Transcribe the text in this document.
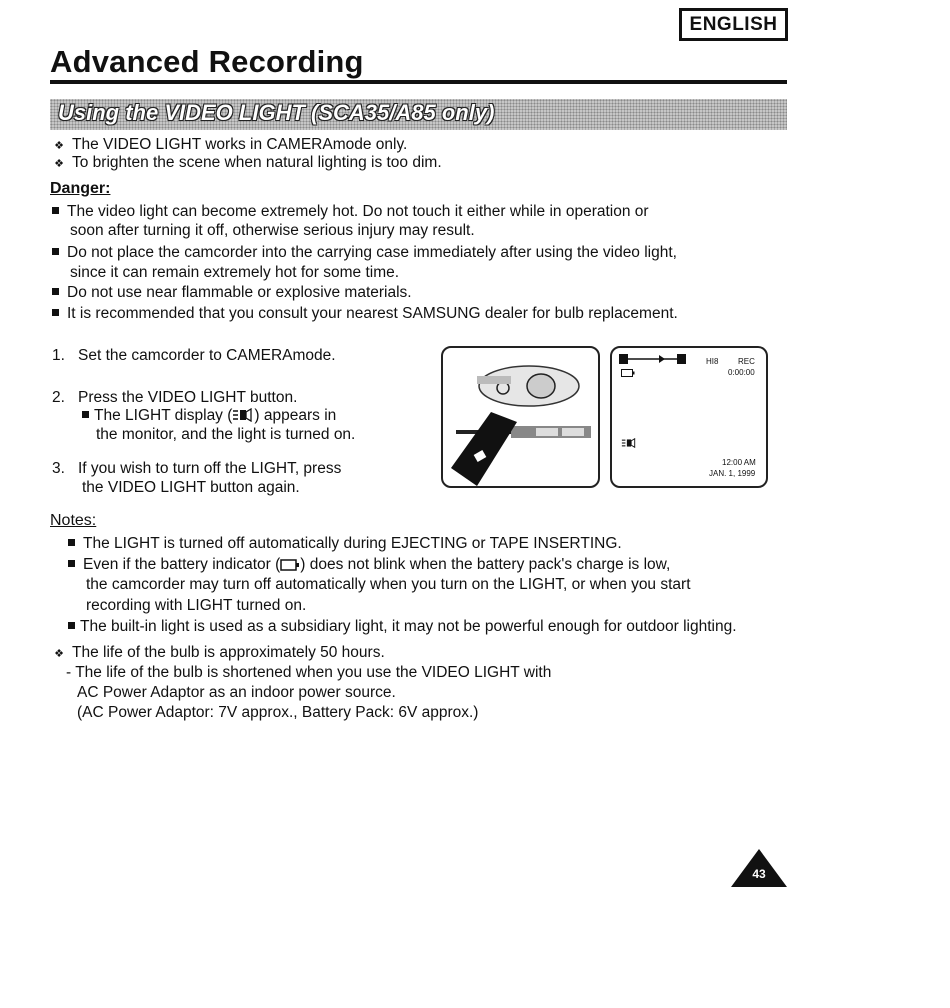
ENGLISH
Advanced Recording
Using the VIDEO LIGHT (SCA35/A85 only)
❖ The VIDEO LIGHT works in CAMERAmode only.
❖ To brighten the scene when natural lighting is too dim.
Danger:
The video light can become extremely hot. Do not touch it either while in operation or
soon after turning it off, otherwise serious injury may result.
Do not place the camcorder into the carrying case immediately after using the video light,
since it can remain extremely hot for some time.
Do not use near flammable or explosive materials.
It is recommended that you consult your nearest SAMSUNG dealer for bulb replacement.
1. Set the camcorder to CAMERAmode.
2. Press the VIDEO LIGHT button.
The LIGHT display ( ) appears in
the monitor, and the light is turned on.
3. If you wish to turn off the LIGHT, press
the VIDEO LIGHT button again.
HI8 REC
0:00:00
12:00 AM
JAN. 1, 1999
Notes:
The LIGHT is turned off automatically during EJECTING or TAPE INSERTING.
Even if the battery indicator ( ) does not blink when the battery pack's charge is low,
the camcorder may turn off automatically when you turn on the LIGHT, or when you start
recording with LIGHT turned on.
The built-in light is used as a subsidiary light, it may not be powerful enough for outdoor lighting.
❖ The life of the bulb is approximately 50 hours.
- The life of the bulb is shortened when you use the VIDEO LIGHT with
AC Power Adaptor as an indoor power source.
(AC Power Adaptor: 7V approx., Battery Pack: 6V approx.)
43
